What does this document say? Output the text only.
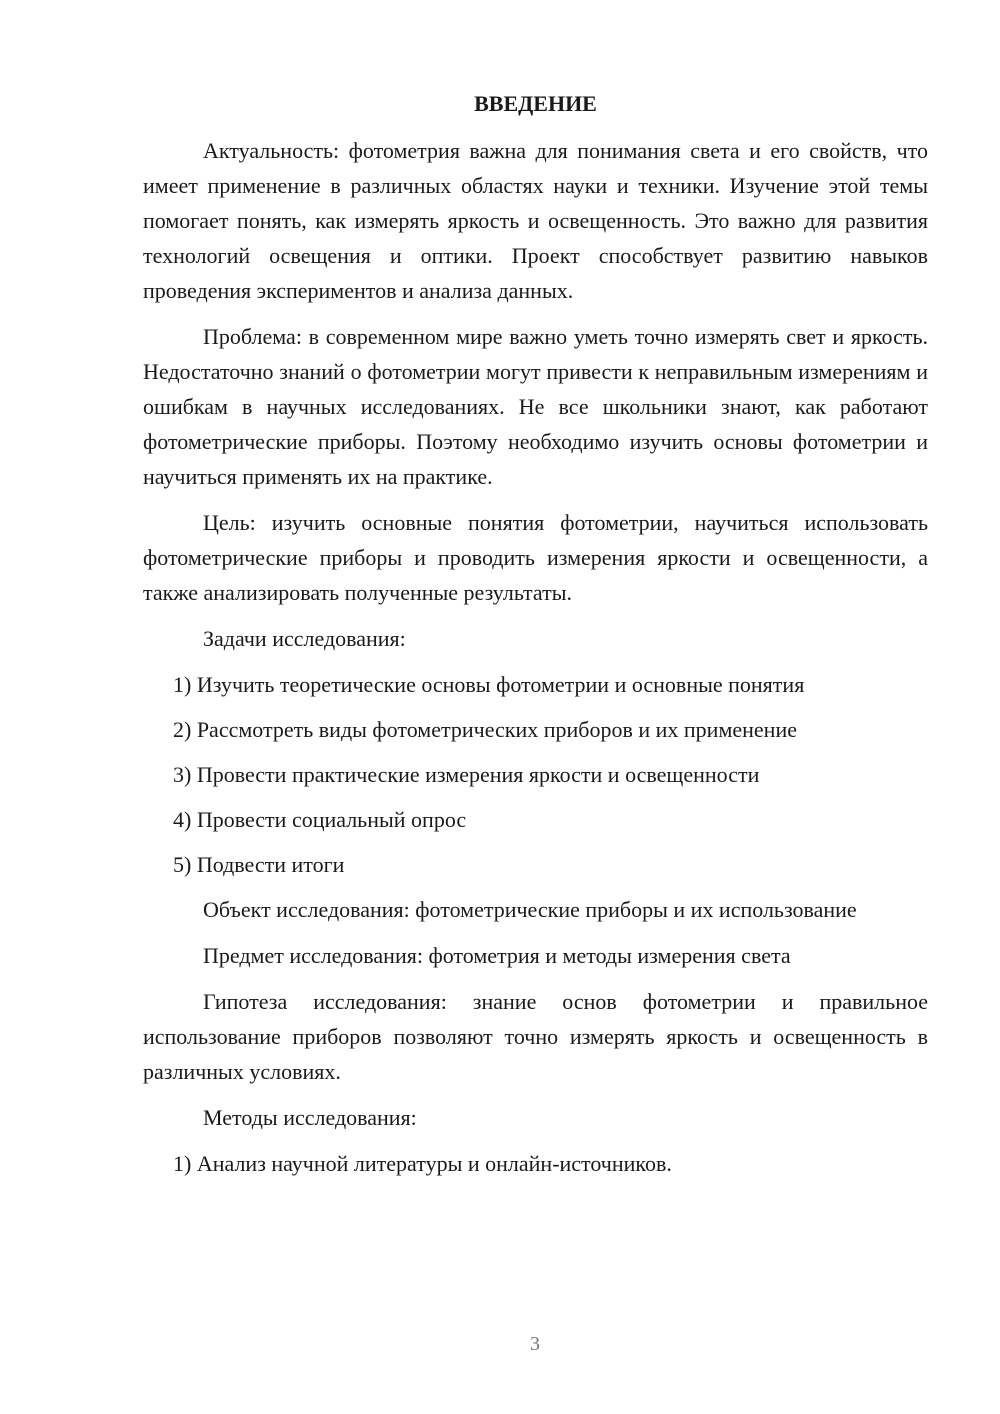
ВВЕДЕНИЕ

Актуальность: фотометрия важна для понимания света и его свойств, что имеет применение в различных областях науки и техники. Изучение этой темы помогает понять, как измерять яркость и освещенность. Это важно для развития технологий освещения и оптики. Проект способствует развитию навыков проведения экспериментов и анализа данных.

Проблема: в современном мире важно уметь точно измерять свет и яркость. Недостаточно знаний о фотометрии могут привести к неправильным измерениям и ошибкам в научных исследованиях. Не все школьники знают, как работают фотометрические приборы. Поэтому необходимо изучить основы фотометрии и научиться применять их на практике.

Цель: изучить основные понятия фотометрии, научиться использовать фотометрические приборы и проводить измерения яркости и освещенности, а также анализировать полученные результаты.

Задачи исследования:

1) Изучить теоретические основы фотометрии и основные понятия
2) Рассмотреть виды фотометрических приборов и их применение
3) Провести практические измерения яркости и освещенности
4) Провести социальный опрос
5) Подвести итоги

Объект исследования: фотометрические приборы и их использование

Предмет исследования: фотометрия и методы измерения света

Гипотеза исследования: знание основ фотометрии и правильное использование приборов позволяют точно измерять яркость и освещенность в различных условиях.

Методы исследования:

1) Анализ научной литературы и онлайн-источников.
3
